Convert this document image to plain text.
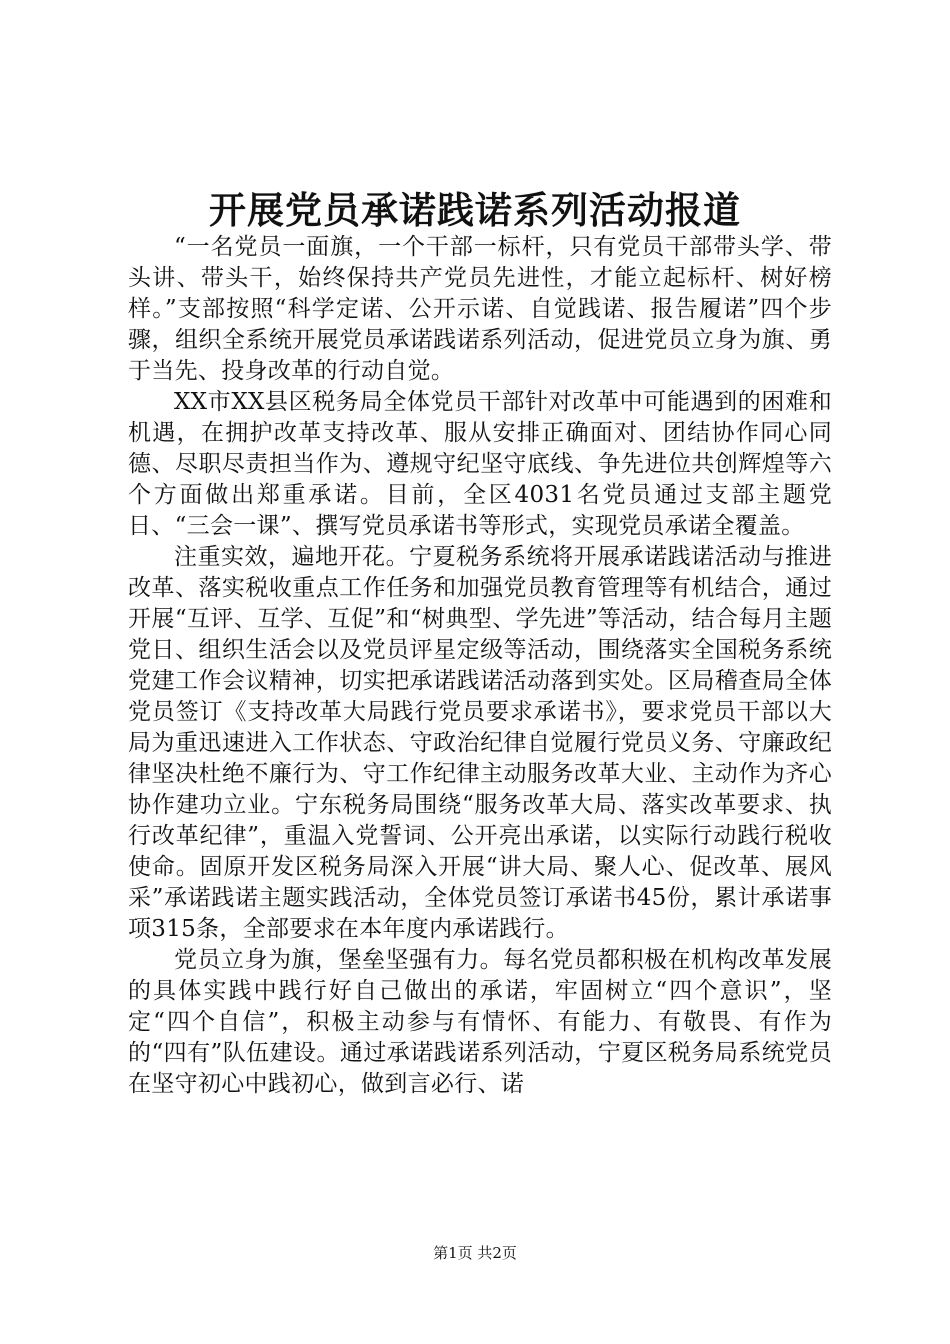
开展党员承诺践诺系列活动报道

“一名党员一面旗，一个干部一标杆，只有党员干部带头学、带头讲、带头干，始终保持共产党员先进性，才能立起标杆、树好榜样。”支部按照“科学定诺、公开示诺、自觉践诺、报告履诺”四个步骤，组织全系统开展党员承诺践诺系列活动，促进党员立身为旗、勇于当先、投身改革的行动自觉。

XX市XX县区税务局全体党员干部针对改革中可能遇到的困难和机遇，在拥护改革支持改革、服从安排正确面对、团结协作同心同德、尽职尽责担当作为、遵规守纪坚守底线、争先进位共创辉煌等六个方面做出郑重承诺。目前，全区4031名党员通过支部主题党日、“三会一课”、撰写党员承诺书等形式，实现党员承诺全覆盖。

注重实效，遍地开花。宁夏税务系统将开展承诺践诺活动与推进改革、落实税收重点工作任务和加强党员教育管理等有机结合，通过开展“互评、互学、互促”和“树典型、学先进”等活动，结合每月主题党日、组织生活会以及党员评星定级等活动，围绕落实全国税务系统党建工作会议精神，切实把承诺践诺活动落到实处。区局稽查局全体党员签订《支持改革大局践行党员要求承诺书》，要求党员干部以大局为重迅速进入工作状态、守政治纪律自觉履行党员义务、守廉政纪律坚决杜绝不廉行为、守工作纪律主动服务改革大业、主动作为齐心协作建功立业。宁东税务局围绕“服务改革大局、落实改革要求、执行改革纪律”，重温入党誓词、公开亮出承诺，以实际行动践行税收使命。固原开发区税务局深入开展“讲大局、聚人心、促改革、展风采”承诺践诺主题实践活动，全体党员签订承诺书45份，累计承诺事项315条，全部要求在本年度内承诺践行。

党员立身为旗，堡垒坚强有力。每名党员都积极在机构改革发展的具体实践中践行好自己做出的承诺，牢固树立“四个意识”，坚定“四个自信”，积极主动参与有情怀、有能力、有敬畏、有作为的“四有”队伍建设。通过承诺践诺系列活动，宁夏区税务局系统党员在坚守初心中践初心，做到言必行、诺

第1页 共2页
